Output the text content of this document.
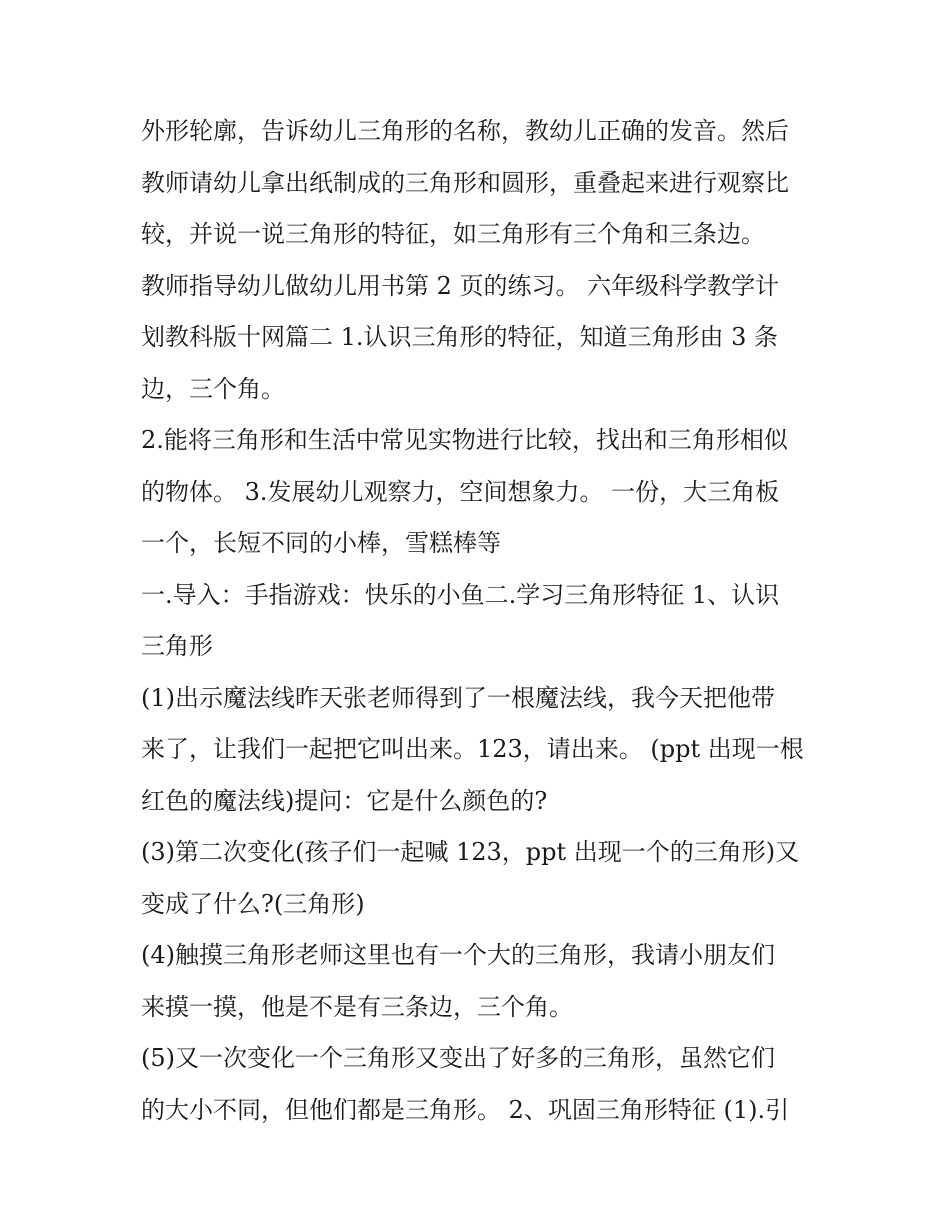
外形轮廓，告诉幼儿三角形的名称，教幼儿正确的发音。然后
教师请幼儿拿出纸制成的三角形和圆形，重叠起来进行观察比
较，并说一说三角形的特征，如三角形有三个角和三条边。
教师指导幼儿做幼儿用书第 2 页的练习。 六年级科学教学计
划教科版十网篇二 1.认识三角形的特征，知道三角形由 3 条
边，三个角。
2.能将三角形和生活中常见实物进行比较，找出和三角形相似
的物体。 3.发展幼儿观察力，空间想象力。 一份，大三角板
一个，长短不同的小棒，雪糕棒等
一.导入：手指游戏：快乐的小鱼二.学习三角形特征 1、认识
三角形
(1)出示魔法线昨天张老师得到了一根魔法线，我今天把他带
来了，让我们一起把它叫出来。123，请出来。 (ppt 出现一根
红色的魔法线)提问：它是什么颜色的?
(3)第二次变化(孩子们一起喊 123，ppt 出现一个的三角形)又
变成了什么?(三角形)
(4)触摸三角形老师这里也有一个大的三角形，我请小朋友们
来摸一摸，他是不是有三条边，三个角。
(5)又一次变化一个三角形又变出了好多的三角形，虽然它们
的大小不同，但他们都是三角形。 2、巩固三角形特征 (1).引
